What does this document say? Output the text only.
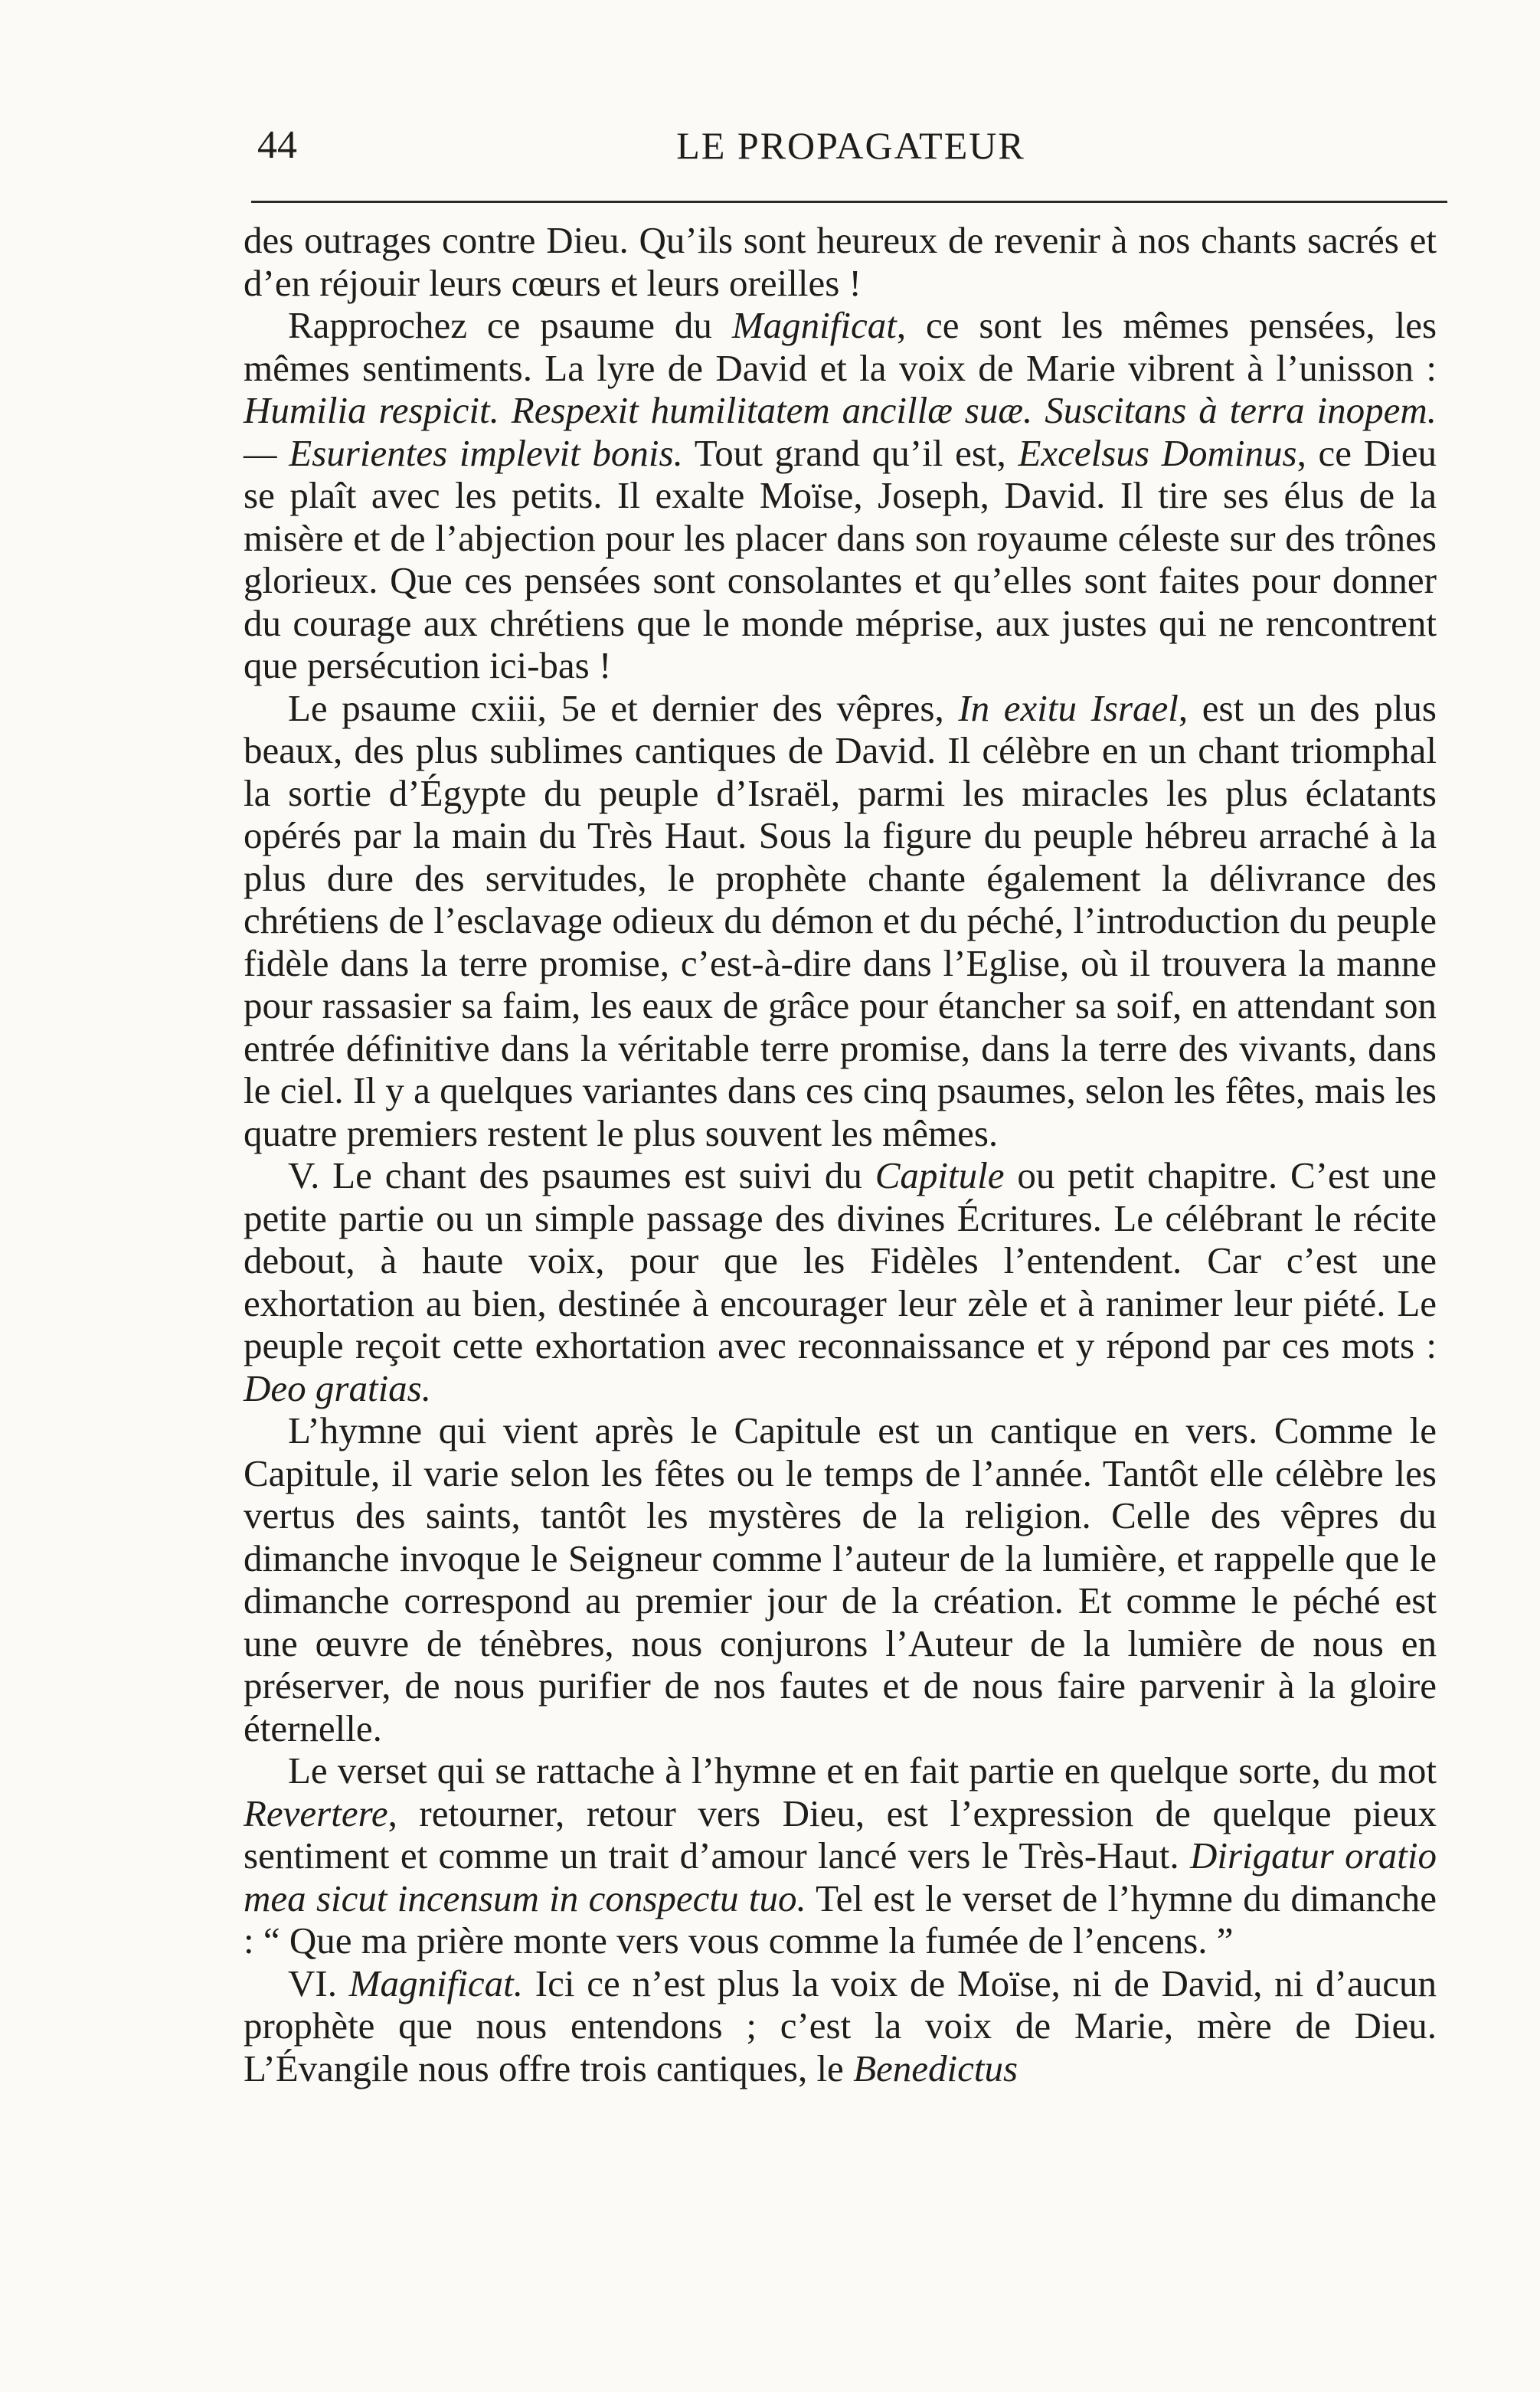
44	LE PROPAGATEUR

des outrages contre Dieu. Qu’ils sont heureux de revenir à nos chants sacrés et d’en réjouir leurs cœurs et leurs oreilles !

Rapprochez ce psaume du Magnificat, ce sont les mêmes pensées, les mêmes sentiments. La lyre de David et la voix de Marie vibrent à l’unisson : Humilia respicit. Respexit humilitatem ancillæ suæ. Suscitans à terra inopem. — Esurientes implevit bonis. Tout grand qu’il est, Excelsus Dominus, ce Dieu se plaît avec les petits. Il exalte Moïse, Joseph, David. Il tire ses élus de la misère et de l’abjection pour les placer dans son royaume céleste sur des trônes glorieux. Que ces pensées sont consolantes et qu’elles sont faites pour donner du courage aux chrétiens que le monde méprise, aux justes qui ne rencontrent que persécution ici-bas !

Le psaume cxiii, 5e et dernier des vêpres, In exitu Israel, est un des plus beaux, des plus sublimes cantiques de David. Il célèbre en un chant triomphal la sortie d’Égypte du peuple d’Israël, parmi les miracles les plus éclatants opérés par la main du Très Haut. Sous la figure du peuple hébreu arraché à la plus dure des servitudes, le prophète chante également la délivrance des chrétiens de l’esclavage odieux du démon et du péché, l’introduction du peuple fidèle dans la terre promise, c’est-à-dire dans l’Eglise, où il trouvera la manne pour rassasier sa faim, les eaux de grâce pour étancher sa soif, en attendant son entrée définitive dans la véritable terre promise, dans la terre des vivants, dans le ciel. Il y a quelques variantes dans ces cinq psaumes, selon les fêtes, mais les quatre premiers restent le plus souvent les mêmes.

V. Le chant des psaumes est suivi du Capitule ou petit chapitre. C’est une petite partie ou un simple passage des divines Écritures. Le célébrant le récite debout, à haute voix, pour que les Fidèles l’entendent. Car c’est une exhortation au bien, destinée à encourager leur zèle et à ranimer leur piété. Le peuple reçoit cette exhortation avec reconnaissance et y répond par ces mots : Deo gratias.

L’hymne qui vient après le Capitule est un cantique en vers. Comme le Capitule, il varie selon les fêtes ou le temps de l’année. Tantôt elle célèbre les vertus des saints, tantôt les mystères de la religion. Celle des vêpres du dimanche invoque le Seigneur comme l’auteur de la lumière, et rappelle que le dimanche correspond au premier jour de la création. Et comme le péché est une œuvre de ténèbres, nous conjurons l’Auteur de la lumière de nous en préserver, de nous purifier de nos fautes et de nous faire parvenir à la gloire éternelle.

Le verset qui se rattache à l’hymne et en fait partie en quelque sorte, du mot Revertere, retourner, retour vers Dieu, est l’expression de quelque pieux sentiment et comme un trait d’amour lancé vers le Très-Haut. Dirigatur oratio mea sicut incensum in conspectu tuo. Tel est le verset de l’hymne du dimanche : “ Que ma prière monte vers vous comme la fumée de l’encens. ”

VI. Magnificat. Ici ce n’est plus la voix de Moïse, ni de David, ni d’aucun prophète que nous entendons ; c’est la voix de Marie, mère de Dieu. L’Évangile nous offre trois cantiques, le Benedictus
